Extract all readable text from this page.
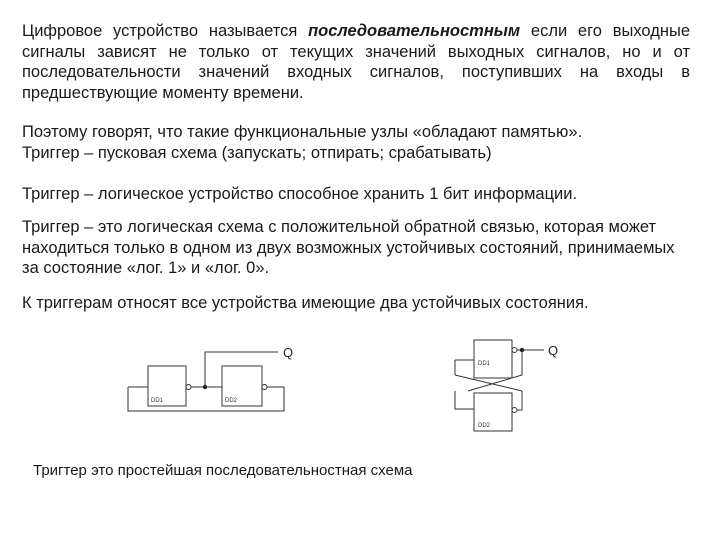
Цифровое устройство называется последовательностным если его выходные сигналы зависят не только от текущих значений выходных сигналов, но и от последовательности значений входных сигналов, поступивших на входы в предшествующие моменту времени.
Поэтому говорят, что такие функциональные узлы «обладают памятью».
Триггер – пусковая схема (запускать; отпирать; срабатывать)
Триггер – логическое устройство способное хранить 1 бит информации.
Триггер – это логическая схема с положительной обратной связью, которая может находиться только в одном из двух возможных устойчивых состояний, принимаемых за состояние «лог. 1» и «лог. 0».
К триггерам относят все устройства имеющие два устойчивых состояния.
DD1	DD2
Q
DD1
DD2
Q
Тригтер это простейшая последовательностная схема
